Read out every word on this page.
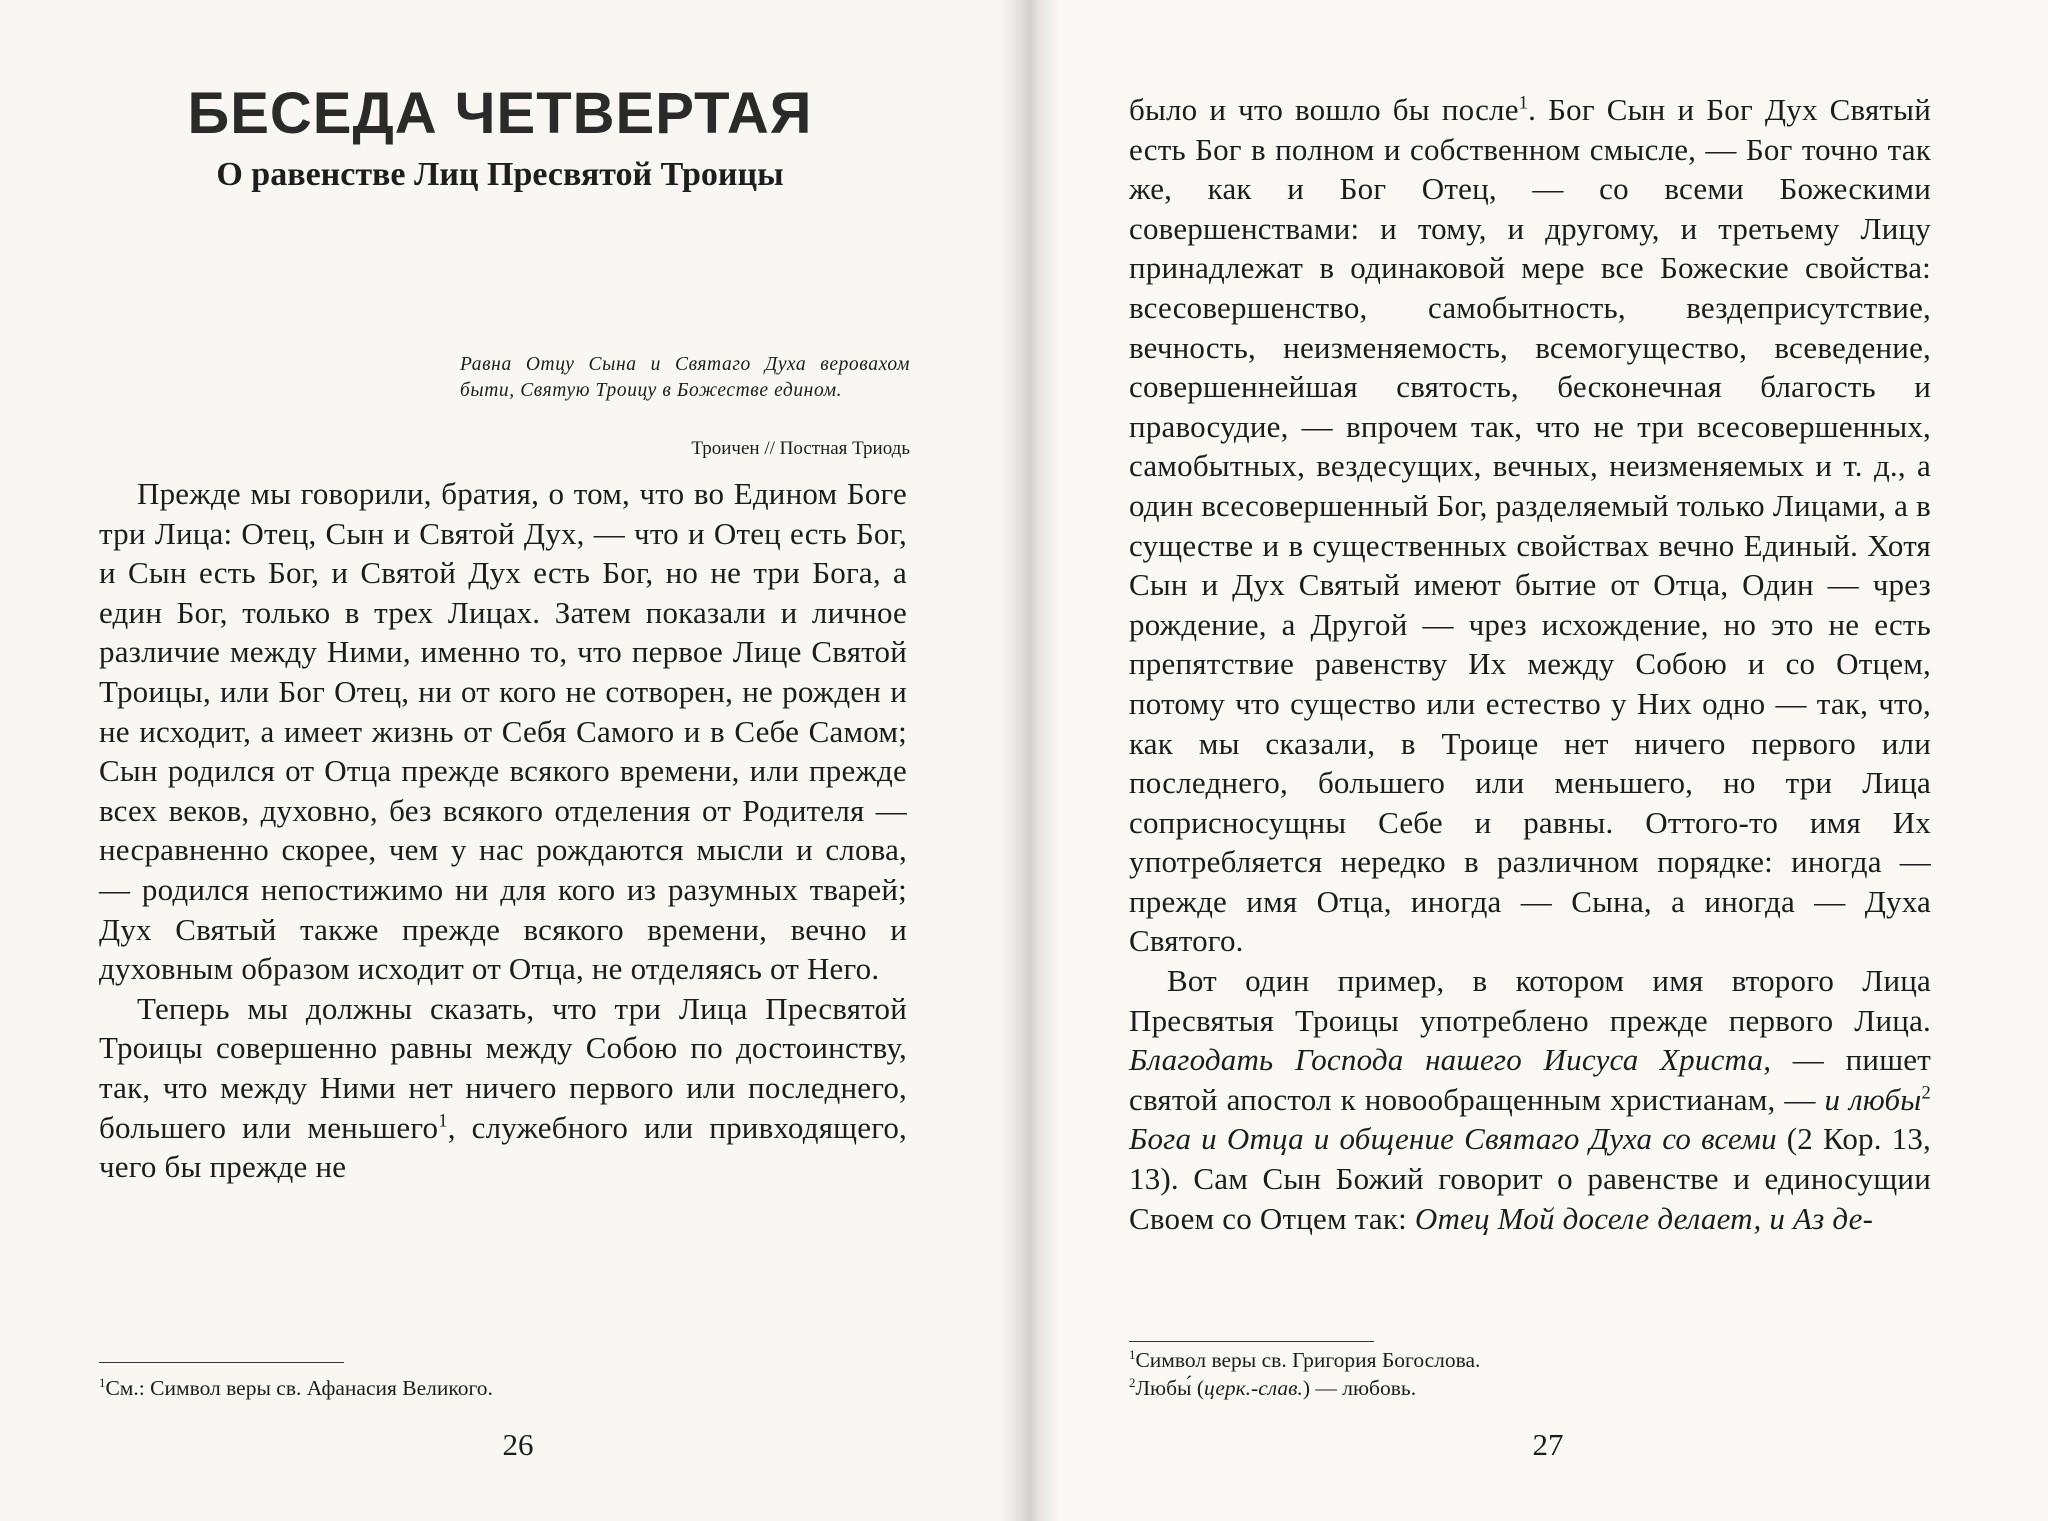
БЕСЕДА ЧЕТВЕРТАЯ
О равенстве Лиц Пресвятой Троицы
Равна Отцу Сына и Святаго Духа веровахом быти, Святую Троицу в Божестве едином.
Троичен // Постная Триодь

Прежде мы говорили, братия, о том, что во Едином Боге три Лица: Отец, Сын и Святой Дух, — что и Отец есть Бог, и Сын есть Бог, и Святой Дух есть Бог, но не три Бога, а един Бог, только в трех Лицах. Затем показали и личное различие между Ними, именно то, что первое Лице Святой Троицы, или Бог Отец, ни от кого не сотворен, не рожден и не исходит, а имеет жизнь от Себя Самого и в Себе Самом; Сын родился от Отца прежде всякого времени, или прежде всех веков, духовно, без всякого отделения от Родителя — несравненно скорее, чем у нас рождаются мысли и слова, — родился непостижимо ни для кого из разумных тварей; Дух Святый также прежде всякого времени, вечно и духовным образом исходит от Отца, не отделяясь от Него.

Теперь мы должны сказать, что три Лица Пресвятой Троицы совершенно равны между Собою по достоинству, так, что между Ними нет ничего первого или последнего, большего или меньшего$^1$, служебного или привходящего, чего бы прежде не

$^1$См.: Символ веры св. Афанасия Великого.
26

было и что вошло бы после$^1$. Бог Сын и Бог Дух Святый есть Бог в полном и собственном смысле, — Бог точно так же, как и Бог Отец, — со всеми Божескими совершенствами: и тому, и другому, и третьему Лицу принадлежат в одинаковой мере все Божеские свойства: всесовершенство, самобытность, вездеприсутствие, вечность, неизменяемость, всемогущество, всеведение, совершеннейшая святость, бесконечная благость и правосудие, — впрочем так, что не три всесовершенных, самобытных, вездесущих, вечных, неизменяемых и т. д., а один всесовершенный Бог, разделяемый только Лицами, а в существе и в существенных свойствах вечно Единый. Хотя Сын и Дух Святый имеют бытие от Отца, Один — чрез рождение, а Другой — чрез исхождение, но это не есть препятствие равенству Их между Собою и со Отцем, потому что существо или естество у Них одно — так, что, как мы сказали, в Троице нет ничего первого или последнего, большего или меньшего, но три Лица соприсносущны Себе и равны. Оттого-то имя Их употребляется нередко в различном порядке: иногда — прежде имя Отца, иногда — Сына, а иногда — Духа Святого.

Вот один пример, в котором имя второго Лица Пресвятыя Троицы употреблено прежде первого Лица. Благодать Господа нашего Иисуса Христа, — пишет святой апостол к новообращенным христианам, — и любы$^2$ Бога и Отца и общение Святаго Духа со всеми (2 Кор. 13, 13). Сам Сын Божий говорит о равенстве и единосущии Своем со Отцем так: Отец Мой доселе делает, и Аз де-

$^1$Символ веры св. Григория Богослова.
$^2$Любы́ (церк.-слав.) — любовь.
27
